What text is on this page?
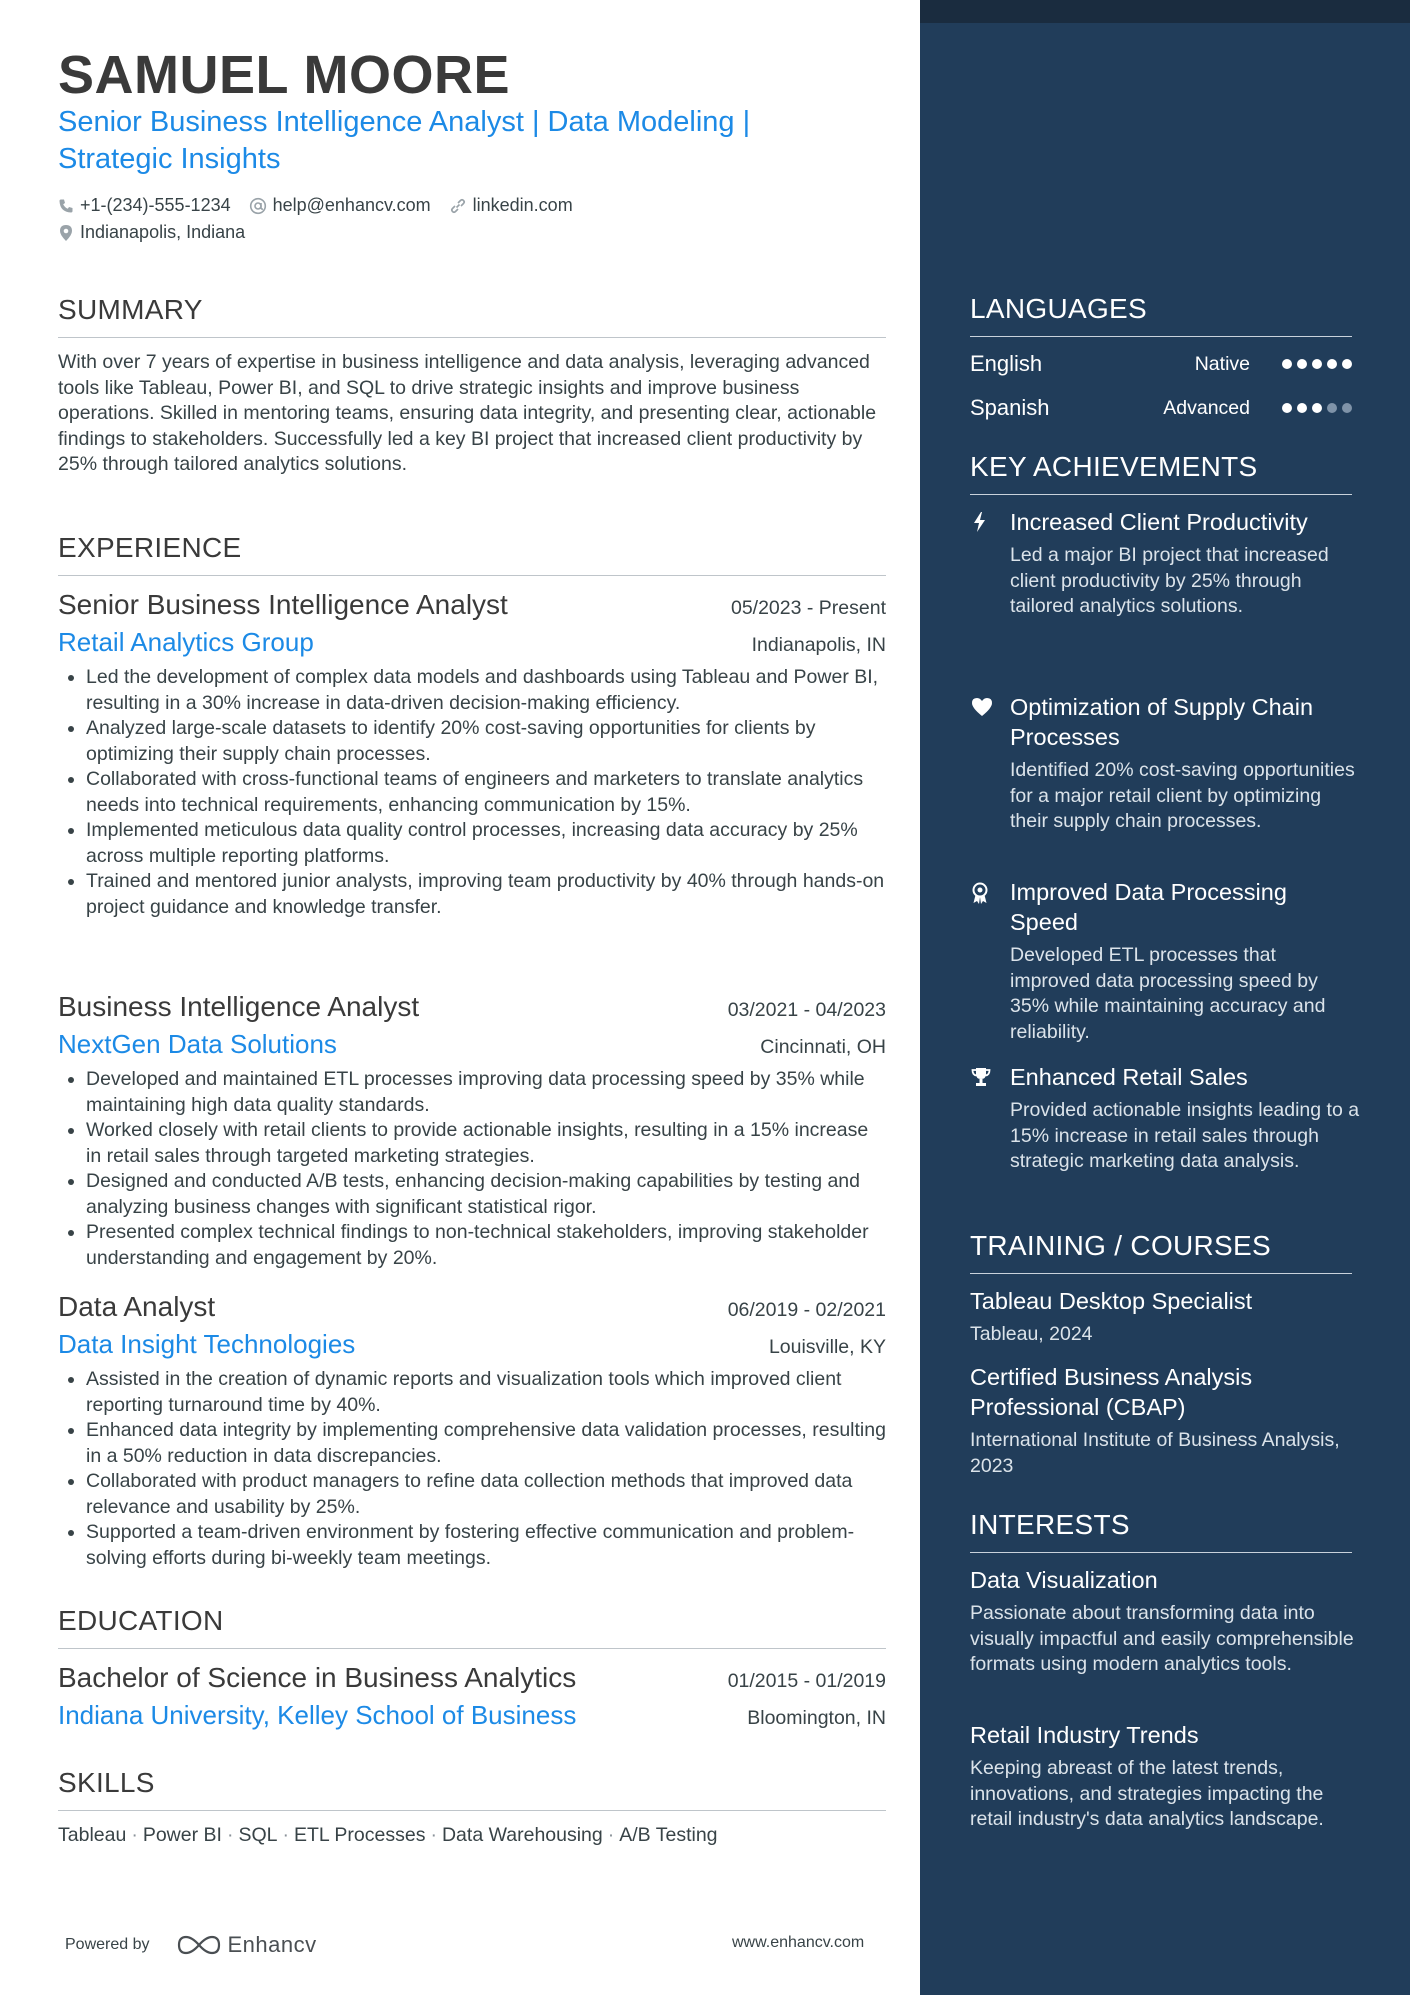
SAMUEL MOORE
Senior Business Intelligence Analyst | Data Modeling | Strategic Insights
+1-(234)-555-1234 help@enhancv.com linkedin.com
Indianapolis, Indiana
SUMMARY

With over 7 years of expertise in business intelligence and data analysis, leveraging advanced tools like Tableau, Power BI, and SQL to drive strategic insights and improve business operations. Skilled in mentoring teams, ensuring data integrity, and presenting clear, actionable findings to stakeholders. Successfully led a key BI project that increased client productivity by 25% through tailored analytics solutions.

EXPERIENCE
Senior Business Intelligence Analyst	05/2023 - Present
Retail Analytics Group	Indianapolis, IN
• Led the development of complex data models and dashboards using Tableau and Power BI, resulting in a 30% increase in data-driven decision-making efficiency.
• Analyzed large-scale datasets to identify 20% cost-saving opportunities for clients by optimizing their supply chain processes.
• Collaborated with cross-functional teams of engineers and marketers to translate analytics needs into technical requirements, enhancing communication by 15%.
• Implemented meticulous data quality control processes, increasing data accuracy by 25% across multiple reporting platforms.
• Trained and mentored junior analysts, improving team productivity by 40% through hands-on project guidance and knowledge transfer.
Business Intelligence Analyst	03/2021 - 04/2023
NextGen Data Solutions	Cincinnati, OH
• Developed and maintained ETL processes improving data processing speed by 35% while maintaining high data quality standards.
• Worked closely with retail clients to provide actionable insights, resulting in a 15% increase in retail sales through targeted marketing strategies.
• Designed and conducted A/B tests, enhancing decision-making capabilities by testing and analyzing business changes with significant statistical rigor.
• Presented complex technical findings to non-technical stakeholders, improving stakeholder understanding and engagement by 20%.
Data Analyst	06/2019 - 02/2021
Data Insight Technologies	Louisville, KY
• Assisted in the creation of dynamic reports and visualization tools which improved client reporting turnaround time by 40%.
• Enhanced data integrity by implementing comprehensive data validation processes, resulting in a 50% reduction in data discrepancies.
• Collaborated with product managers to refine data collection methods that improved data relevance and usability by 25%.
• Supported a team-driven environment by fostering effective communication and problem-solving efforts during bi-weekly team meetings.
EDUCATION
Bachelor of Science in Business Analytics	01/2015 - 01/2019
Indiana University, Kelley School of Business	Bloomington, IN
SKILLS
Tableau · Power BI · SQL · ETL Processes · Data Warehousing · A/B Testing
Powered by	Enhancv	www.enhancv.com
LANGUAGES
English	Native
Spanish	Advanced
KEY ACHIEVEMENTS
Increased Client Productivity
Led a major BI project that increased client productivity by 25% through tailored analytics solutions.
Optimization of Supply Chain Processes
Identified 20% cost-saving opportunities for a major retail client by optimizing their supply chain processes.
Improved Data Processing Speed
Developed ETL processes that improved data processing speed by 35% while maintaining accuracy and reliability.
Enhanced Retail Sales
Provided actionable insights leading to a 15% increase in retail sales through strategic marketing data analysis.
TRAINING / COURSES
Tableau Desktop Specialist
Tableau, 2024
Certified Business Analysis Professional (CBAP)
International Institute of Business Analysis, 2023
INTERESTS
Data Visualization
Passionate about transforming data into visually impactful and easily comprehensible formats using modern analytics tools.
Retail Industry Trends
Keeping abreast of the latest trends, innovations, and strategies impacting the retail industry's data analytics landscape.
